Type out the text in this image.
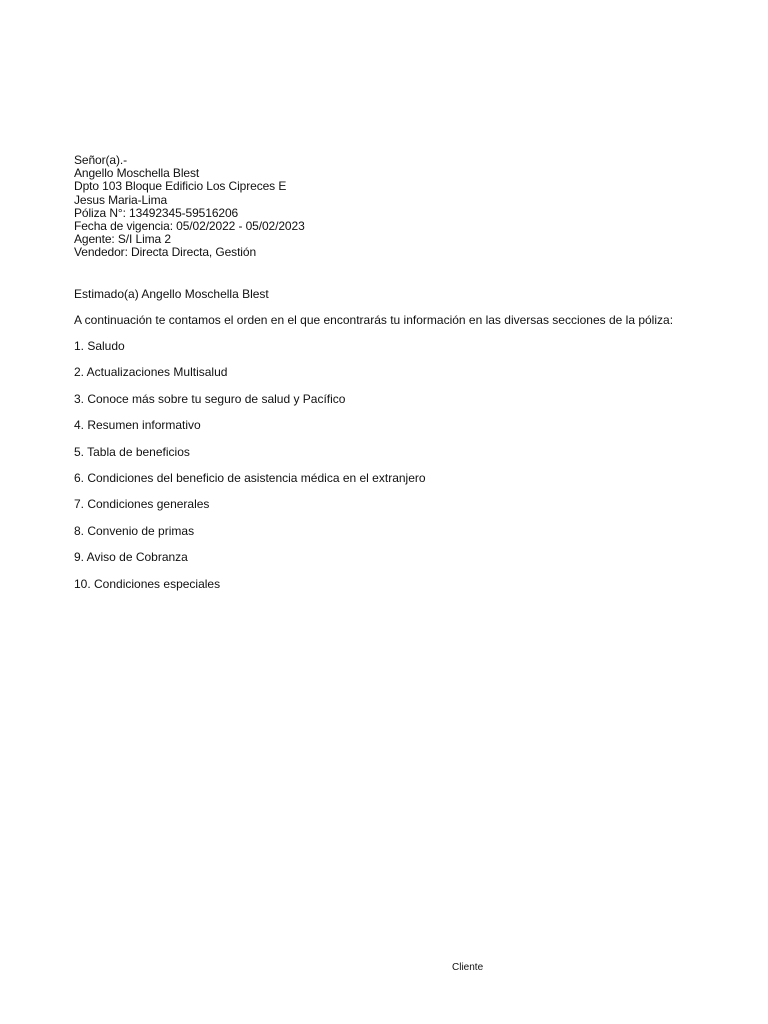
Señor(a).-
Angello Moschella Blest
Dpto 103 Bloque Edificio Los Cipreces E
Jesus Maria-Lima
Póliza N°: 13492345-59516206
Fecha de vigencia: 05/02/2022 - 05/02/2023
Agente: S/I Lima 2
Vendedor: Directa Directa, Gestión
Estimado(a) Angello Moschella Blest
A continuación te contamos el orden en el que encontrarás tu información en las diversas secciones de la póliza:
1. Saludo
2. Actualizaciones Multisalud
3. Conoce más sobre tu seguro de salud y Pacífico
4. Resumen informativo
5. Tabla de beneficios
6. Condiciones del beneficio de asistencia médica en el extranjero
7. Condiciones generales
8. Convenio de primas
9. Aviso de Cobranza
10. Condiciones especiales
Cliente
